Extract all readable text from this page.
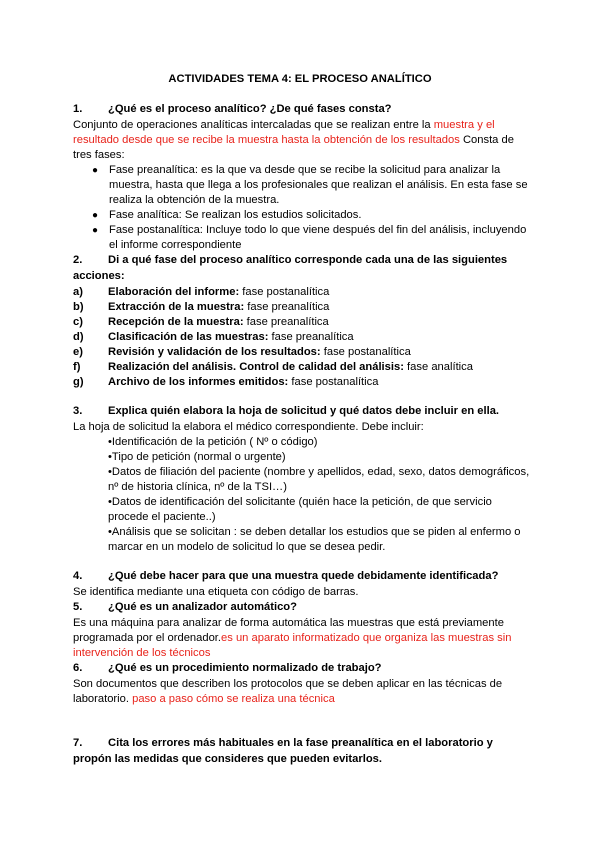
ACTIVIDADES TEMA 4: EL PROCESO ANALÍTICO
1. ¿Qué es el proceso analítico? ¿De qué fases consta?
Conjunto de operaciones analíticas intercaladas que se realizan entre la muestra y el
resultado desde que se recibe la muestra hasta la obtención de los resultados Consta de
tres fases:
● Fase preanalítica: es la que va desde que se recibe la solicitud para analizar la
muestra, hasta que llega a los profesionales que realizan el análisis. En esta fase se
realiza la obtención de la muestra.
● Fase analítica: Se realizan los estudios solicitados.
● Fase postanalítica: Incluye todo lo que viene después del fin del análisis, incluyendo
el informe correspondiente
2. Di a qué fase del proceso analítico corresponde cada una de las siguientes
acciones:
a) Elaboración del informe: fase postanalítica
b) Extracción de la muestra: fase preanalítica
c) Recepción de la muestra: fase preanalítica
d) Clasificación de las muestras: fase preanalítica
e) Revisión y validación de los resultados: fase postanalítica
f) Realización del análisis. Control de calidad del análisis: fase analítica
g) Archivo de los informes emitidos: fase postanalítica
3. Explica quién elabora la hoja de solicitud y qué datos debe incluir en ella.
La hoja de solicitud la elabora el médico correspondiente. Debe incluir:
•Identificación de la petición ( Nº o código)
•Tipo de petición (normal o urgente)
•Datos de filiación del paciente (nombre y apellidos, edad, sexo, datos demográficos,
nº de historia clínica, nº de la TSI…)
•Datos de identificación del solicitante (quién hace la petición, de que servicio
procede el paciente..)
•Análisis que se solicitan : se deben detallar los estudios que se piden al enfermo o
marcar en un modelo de solicitud lo que se desea pedir.
4. ¿Qué debe hacer para que una muestra quede debidamente identificada?
Se identifica mediante una etiqueta con código de barras.
5. ¿Qué es un analizador automático?
Es una máquina para analizar de forma automática las muestras que está previamente
programada por el ordenador.es un aparato informatizado que organiza las muestras sin
intervención de los técnicos
6. ¿Qué es un procedimiento normalizado de trabajo?
Son documentos que describen los protocolos que se deben aplicar en las técnicas de
laboratorio. paso a paso cómo se realiza una técnica
7. Cita los errores más habituales en la fase preanalítica en el laboratorio y
propón las medidas que consideres que pueden evitarlos.
